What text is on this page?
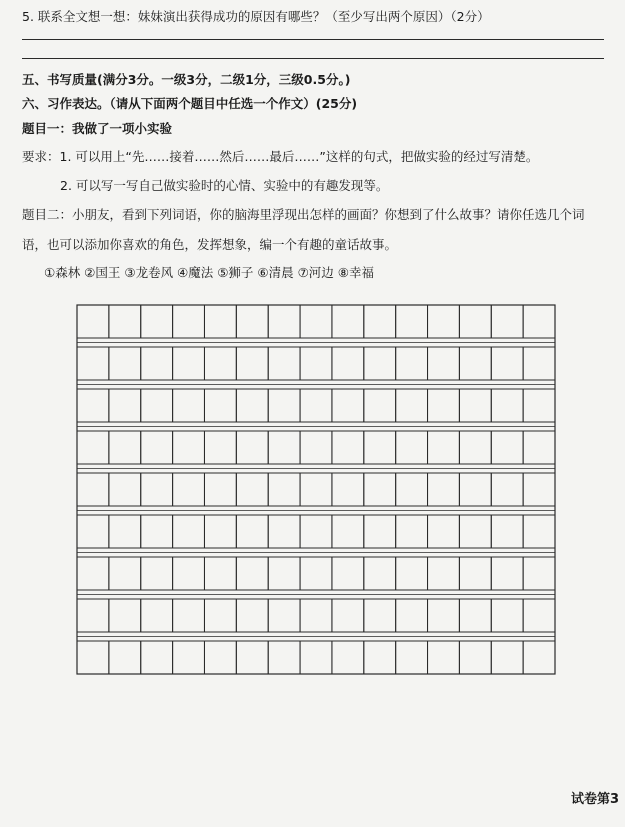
5. 联系全文想一想：妹妹演出获得成功的原因有哪些？（至少写出两个原因）（2分）
五、书写质量(满分3分。一级3分，二级1分，三级0.5分。)
六、习作表达。（请从下面两个题目中任选一个作文）(25分)
题目一：我做了一项小实验
要求：1. 可以用上“先……接着……然后……最后……”这样的句式，把做实验的经过写清楚。
2. 可以写一写自己做实验时的心情、实验中的有趣发现等。
题目二：小朋友，看到下列词语，你的脑海里浮现出怎样的画面？你想到了什么故事？请你任选几个词
语，也可以添加你喜欢的角色，发挥想象，编一个有趣的童话故事。
①森林 ②国王 ③龙卷风 ④魔法 ⑤狮子 ⑥清晨 ⑦河边 ⑧幸福
试卷第3
